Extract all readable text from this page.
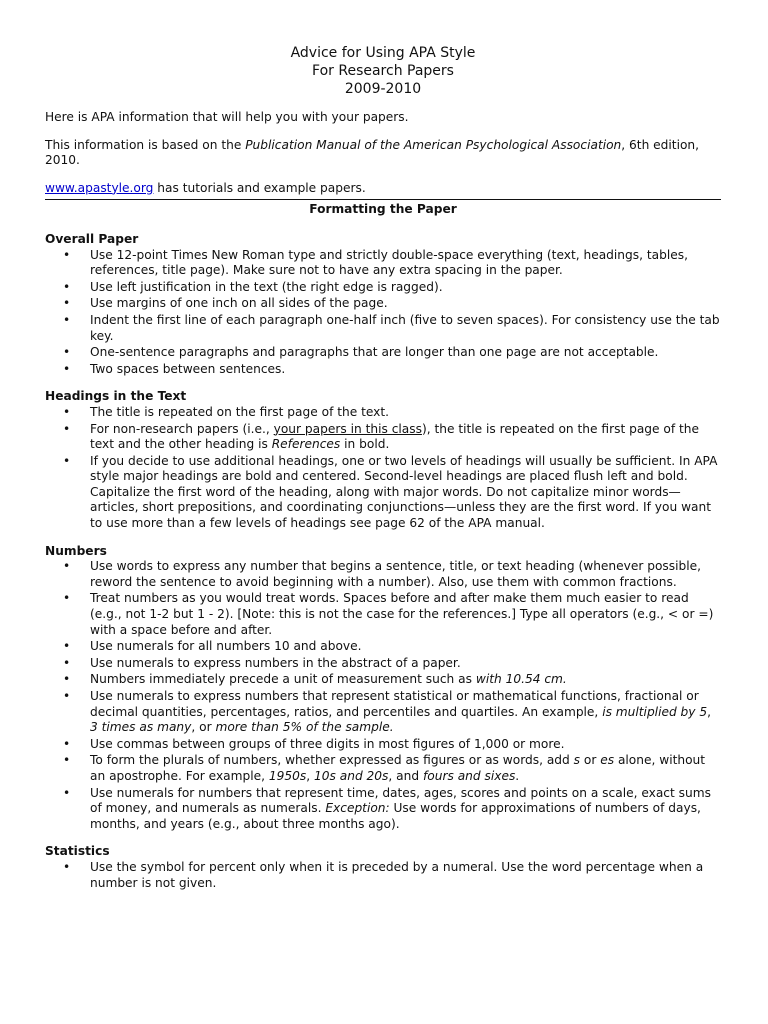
Advice for Using APA Style
For Research Papers
2009-2010

Here is APA information that will help you with your papers.

This information is based on the Publication Manual of the American Psychological Association, 6th edition, 2010.

www.apastyle.org has tutorials and example papers.

Formatting the Paper
Overall Paper
• Use 12-point Times New Roman type and strictly double-space everything (text, headings, tables, references, title page). Make sure not to have any extra spacing in the paper.
• Use left justification in the text (the right edge is ragged).
• Use margins of one inch on all sides of the page.
• Indent the first line of each paragraph one-half inch (five to seven spaces). For consistency use the tab key.
• One-sentence paragraphs and paragraphs that are longer than one page are not acceptable.
• Two spaces between sentences.
Headings in the Text
• The title is repeated on the first page of the text.
• For non-research papers (i.e., your papers in this class), the title is repeated on the first page of the text and the other heading is References in bold.
• If you decide to use additional headings, one or two levels of headings will usually be sufficient. In APA style major headings are bold and centered. Second-level headings are placed flush left and bold. Capitalize the first word of the heading, along with major words. Do not capitalize minor words—articles, short prepositions, and coordinating conjunctions—unless they are the first word. If you want to use more than a few levels of headings see page 62 of the APA manual.
Numbers
• Use words to express any number that begins a sentence, title, or text heading (whenever possible, reword the sentence to avoid beginning with a number). Also, use them with common fractions.
• Treat numbers as you would treat words. Spaces before and after make them much easier to read (e.g., not 1-2 but 1 - 2). [Note: this is not the case for the references.] Type all operators (e.g., < or =) with a space before and after.
• Use numerals for all numbers 10 and above.
• Use numerals to express numbers in the abstract of a paper.
• Numbers immediately precede a unit of measurement such as with 10.54 cm.
• Use numerals to express numbers that represent statistical or mathematical functions, fractional or decimal quantities, percentages, ratios, and percentiles and quartiles. An example, is multiplied by 5, 3 times as many, or more than 5% of the sample.
• Use commas between groups of three digits in most figures of 1,000 or more.
• To form the plurals of numbers, whether expressed as figures or as words, add s or es alone, without an apostrophe. For example, 1950s, 10s and 20s, and fours and sixes.
• Use numerals for numbers that represent time, dates, ages, scores and points on a scale, exact sums of money, and numerals as numerals. Exception: Use words for approximations of numbers of days, months, and years (e.g., about three months ago).
Statistics
• Use the symbol for percent only when it is preceded by a numeral. Use the word percentage when a number is not given.
